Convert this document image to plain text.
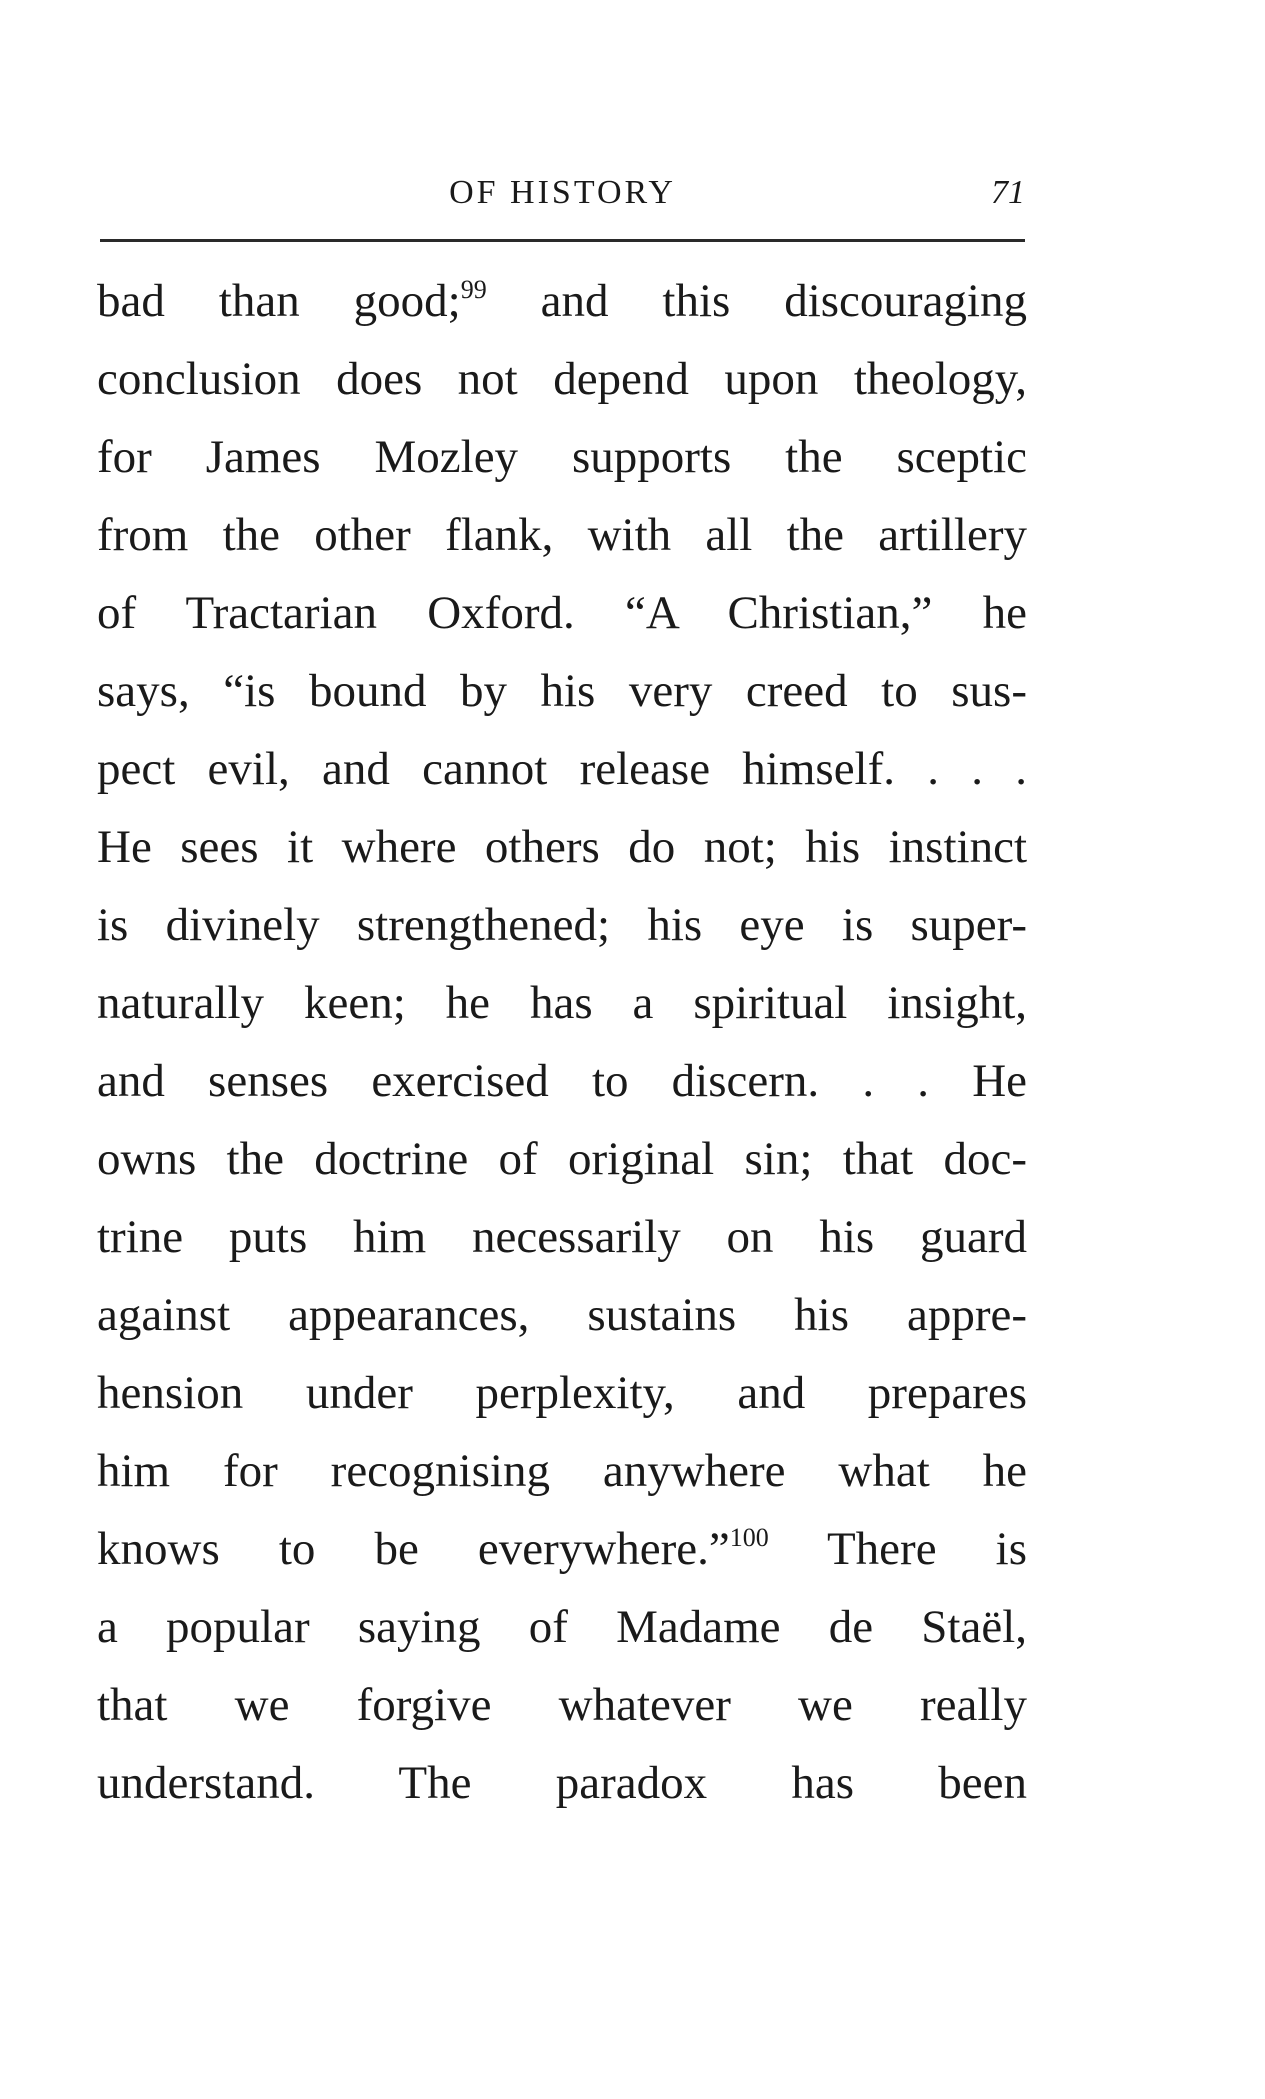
OF HISTORY	71
bad than good;$^{99}$ and this discouraging
conclusion does not depend upon theology,
for James Mozley supports the sceptic
from the other flank, with all the artillery
of Tractarian Oxford. “A Christian,” he
says, “is bound by his very creed to sus-
pect evil, and cannot release himself. . . .
He sees it where others do not; his instinct
is divinely strengthened; his eye is super-
naturally keen; he has a spiritual insight,
and senses exercised to discern. . . He
owns the doctrine of original sin; that doc-
trine puts him necessarily on his guard
against appearances, sustains his appre-
hension under perplexity, and prepares
him for recognising anywhere what he
knows to be everywhere.”$^{100}$ There is
a popular saying of Madame de Staël,
that we forgive whatever we really
understand. The paradox has been
